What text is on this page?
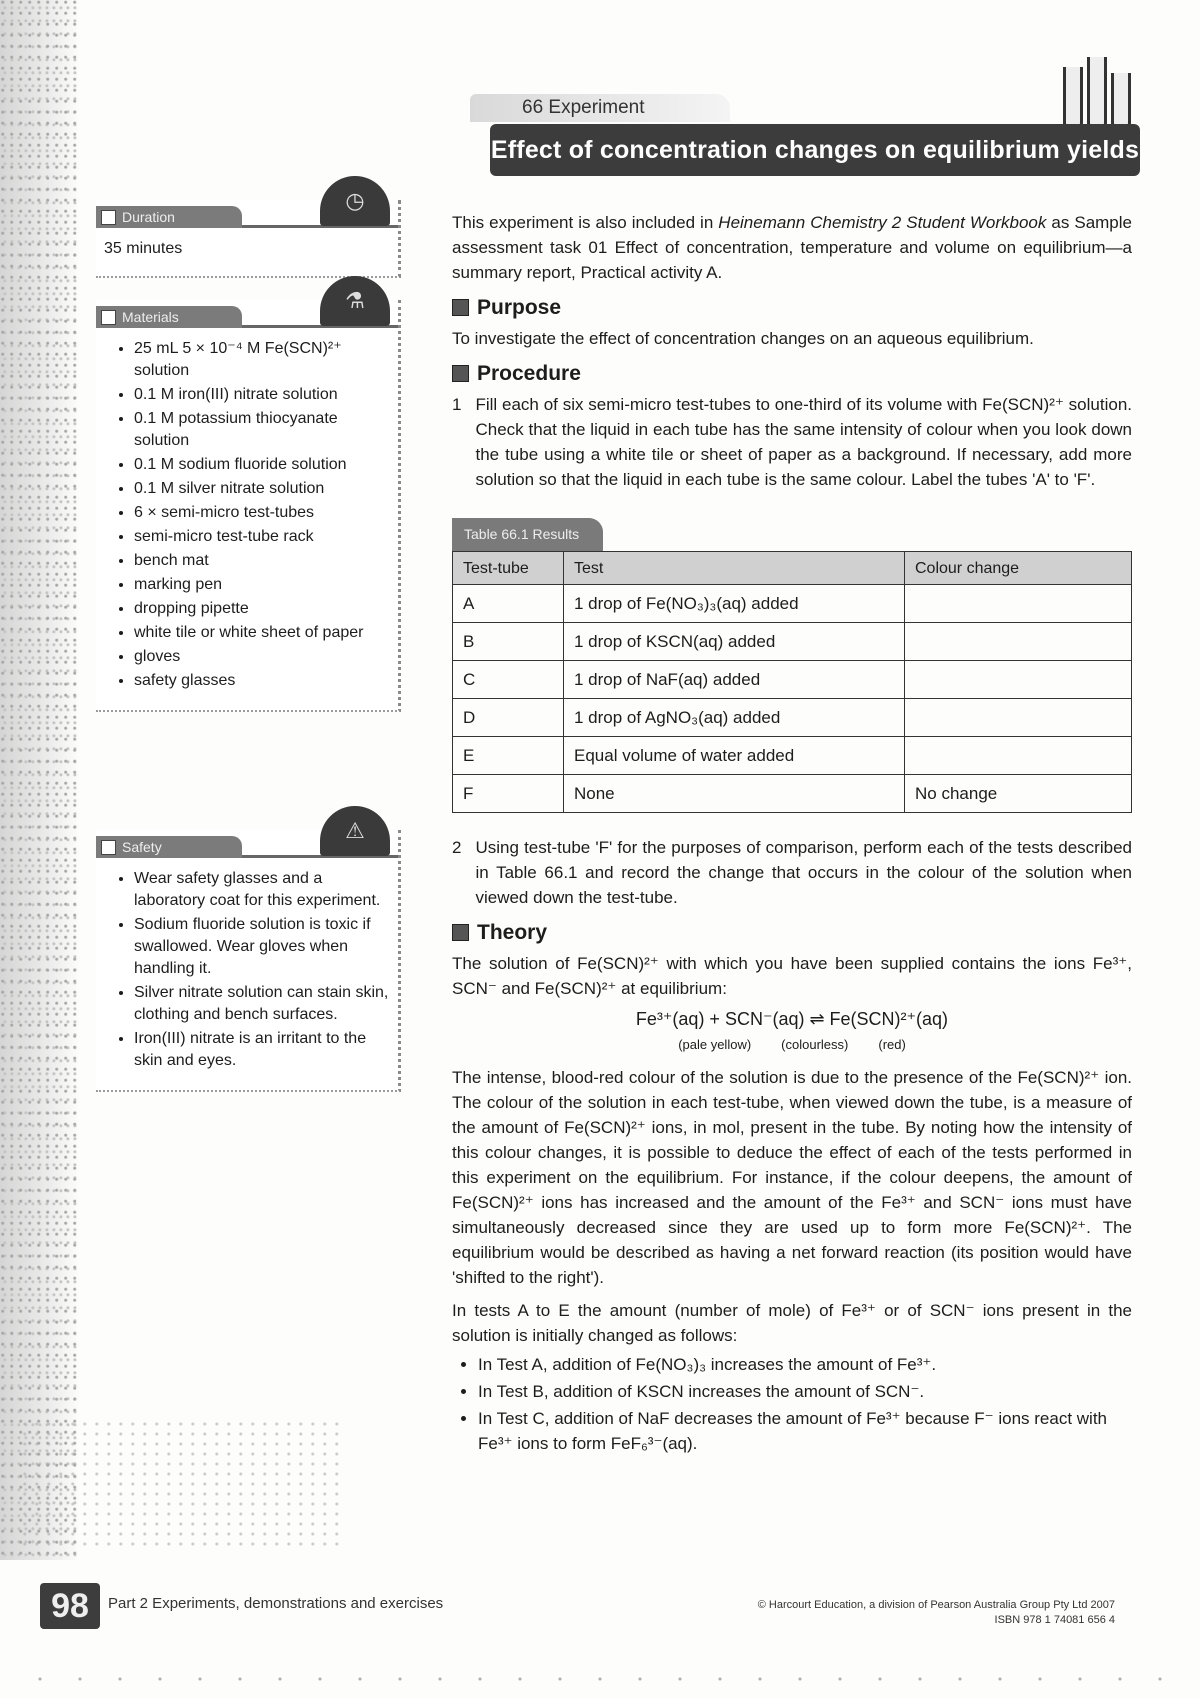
66 Experiment
Effect of concentration changes on equilibrium yields
Duration
◷
35 minutes
Materials
⚗
• 25 mL 5 × 10⁻⁴ M Fe(SCN)²⁺ solution
• 0.1 M iron(III) nitrate solution
• 0.1 M potassium thiocyanate solution
• 0.1 M sodium fluoride solution
• 0.1 M silver nitrate solution
• 6 × semi-micro test-tubes
• semi-micro test-tube rack
• bench mat
• marking pen
• dropping pipette
• white tile or white sheet of paper
• gloves
• safety glasses
Safety
⚠
• Wear safety glasses and a laboratory coat for this experiment.
• Sodium fluoride solution is toxic if swallowed. Wear gloves when handling it.
• Silver nitrate solution can stain skin, clothing and bench surfaces.
• Iron(III) nitrate is an irritant to the skin and eyes.

This experiment is also included in Heinemann Chemistry 2 Student Workbook as Sample assessment task 01 Effect of concentration, temperature and volume on equilibrium—a summary report, Practical activity A.

Purpose

To investigate the effect of concentration changes on an aqueous equilibrium.

Procedure
1 Fill each of six semi-micro test-tubes to one-third of its volume with Fe(SCN)²⁺ solution. Check that the liquid in each tube has the same intensity of colour when you look down the tube using a white tile or sheet of paper as a background. If necessary, add more solution so that the liquid in each tube is the same colour. Label the tubes 'A' to 'F'.

Table 66.1 Results
Test-tube	Test	Colour change
A	1 drop of Fe(NO₃)₃(aq) added	
B	1 drop of KSCN(aq) added	
C	1 drop of NaF(aq) added	
D	1 drop of AgNO₃(aq) added	
E	Equal volume of water added	
F	None	No change
2 Using test-tube 'F' for the purposes of comparison, perform each of the tests described in Table 66.1 and record the change that occurs in the colour of the solution when viewed down the test-tube.

Theory

The solution of Fe(SCN)²⁺ with which you have been supplied contains the ions Fe³⁺, SCN⁻ and Fe(SCN)²⁺ at equilibrium:

Fe³⁺(aq) + SCN⁻(aq) ⇌ Fe(SCN)²⁺(aq)
(pale yellow) (colourless) (red)

The intense, blood-red colour of the solution is due to the presence of the Fe(SCN)²⁺ ion. The colour of the solution in each test-tube, when viewed down the tube, is a measure of the amount of Fe(SCN)²⁺ ions, in mol, present in the tube. By noting how the intensity of this colour changes, it is possible to deduce the effect of each of the tests performed in this experiment on the equilibrium. For instance, if the colour deepens, the amount of Fe(SCN)²⁺ ions has increased and the amount of the Fe³⁺ and SCN⁻ ions must have simultaneously decreased since they are used up to form more Fe(SCN)²⁺. The equilibrium would be described as having a net forward reaction (its position would have 'shifted to the right').

In tests A to E the amount (number of mole) of Fe³⁺ or of SCN⁻ ions present in the solution is initially changed as follows:

• In Test A, addition of Fe(NO₃)₃ increases the amount of Fe³⁺.
• In Test B, addition of KSCN increases the amount of SCN⁻.
• In Test C, addition of NaF decreases the amount of Fe³⁺ because F⁻ ions react with Fe³⁺ ions to form FeF₆³⁻(aq).
98	Part 2 Experiments, demonstrations and exercises	© Harcourt Education, a division of Pearson Australia Group Pty Ltd 2007
ISBN 978 1 74081 656 4
